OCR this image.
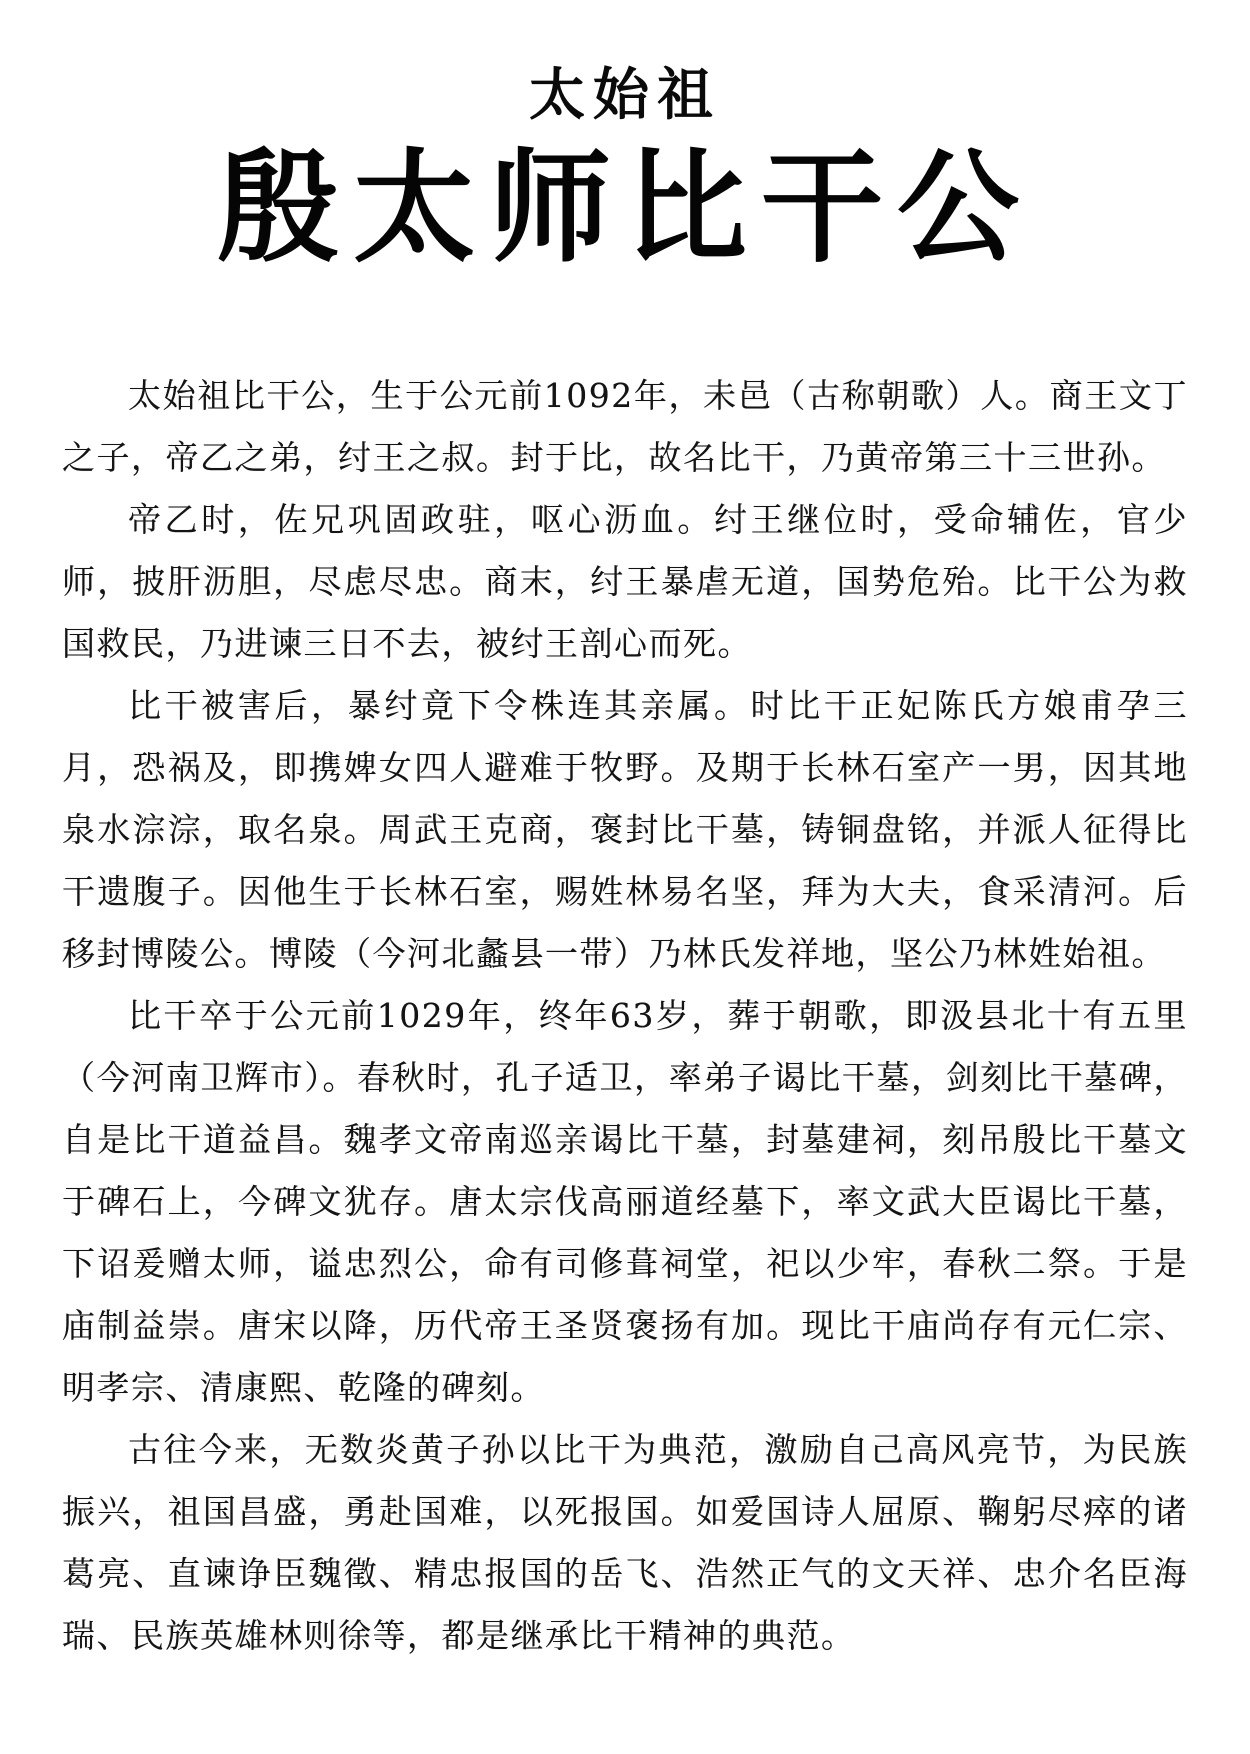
太始祖
殷太师比干公

太始祖比干公，生于公元前1092年，未邑（古称朝歌）人。商王文丁之子，帝乙之弟，纣王之叔。封于比，故名比干，乃黄帝第三十三世孙。

帝乙时，佐兄巩固政驻，呕心沥血。纣王继位时，受命辅佐，官少师，披肝沥胆，尽虑尽忠。商末，纣王暴虐无道，国势危殆。比干公为救国救民，乃进谏三日不去，被纣王剖心而死。

比干被害后，暴纣竟下令株连其亲属。时比干正妃陈氏方娘甫孕三月，恐祸及，即携婢女四人避难于牧野。及期于长林石室产一男，因其地泉水淙淙，取名泉。周武王克商，褒封比干墓，铸铜盘铭，并派人征得比干遗腹子。因他生于长林石室，赐姓林易名坚，拜为大夫，食采清河。后移封博陵公。博陵（今河北蠡县一带）乃林氏发祥地，坚公乃林姓始祖。

比干卒于公元前1029年，终年63岁，葬于朝歌，即汲县北十有五里（今河南卫辉市）。春秋时，孔子适卫，率弟子谒比干墓，剑刻比干墓碑，自是比干道益昌。魏孝文帝南巡亲谒比干墓，封墓建祠，刻吊殷比干墓文于碑石上，今碑文犹存。唐太宗伐高丽道经墓下，率文武大臣谒比干墓，下诏爰赠太师，谥忠烈公，命有司修葺祠堂，祀以少牢，春秋二祭。于是庙制益崇。唐宋以降，历代帝王圣贤褒扬有加。现比干庙尚存有元仁宗、明孝宗、清康熙、乾隆的碑刻。

古往今来，无数炎黄子孙以比干为典范，激励自己高风亮节，为民族振兴，祖国昌盛，勇赴国难，以死报国。如爱国诗人屈原、鞠躬尽瘁的诸葛亮、直谏诤臣魏徵、精忠报国的岳飞、浩然正气的文天祥、忠介名臣海瑞、民族英雄林则徐等，都是继承比干精神的典范。
